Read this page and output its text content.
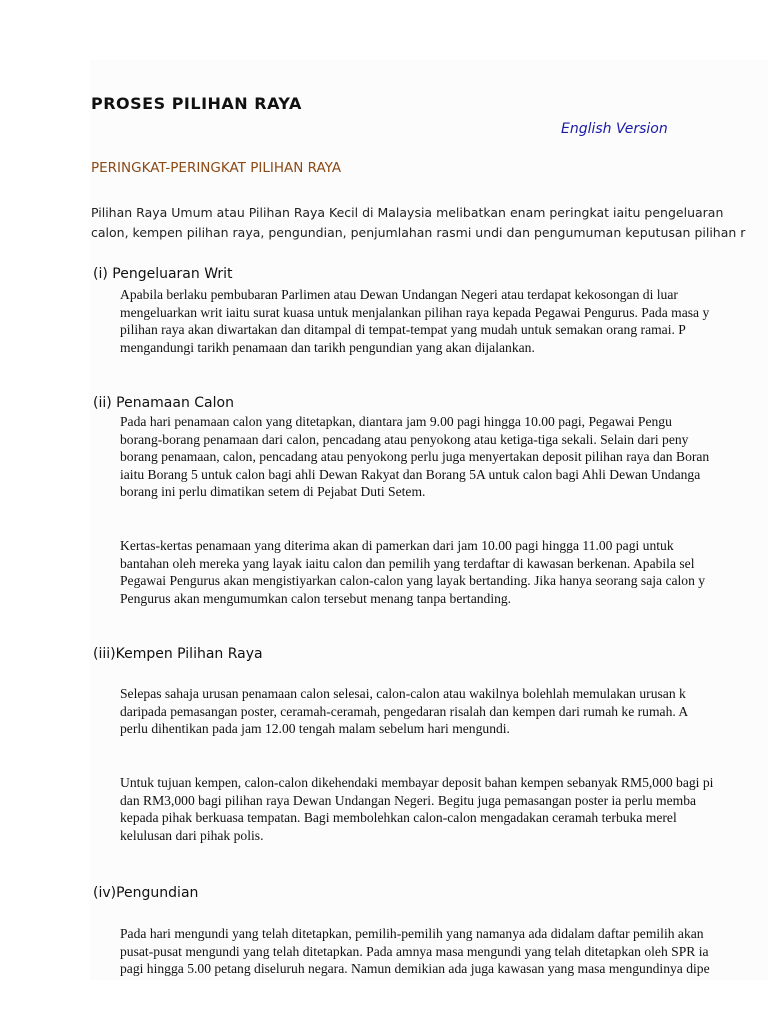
PROSES PILIHAN RAYA
English Version
PERINGKAT-PERINGKAT PILIHAN RAYA
Pilihan Raya Umum atau Pilihan Raya Kecil di Malaysia melibatkan enam peringkat iaitu pengeluaran
calon, kempen pilihan raya, pengundian, penjumlahan rasmi undi dan pengumuman keputusan pilihan r
(i) Pengeluaran Writ
Apabila berlaku pembubaran Parlimen atau Dewan Undangan Negeri atau terdapat kekosongan di luar
mengeluarkan writ iaitu surat kuasa untuk menjalankan pilihan raya kepada Pegawai Pengurus. Pada masa y
pilihan raya akan diwartakan dan ditampal di tempat-tempat yang mudah untuk semakan orang ramai. P
mengandungi tarikh penamaan dan tarikh pengundian yang akan dijalankan.
(ii) Penamaan Calon
Pada hari penamaan calon yang ditetapkan, diantara jam 9.00 pagi hingga 10.00 pagi, Pegawai Pengu
borang-borang penamaan dari calon, pencadang atau penyokong atau ketiga-tiga sekali. Selain dari peny
borang penamaan, calon, pencadang atau penyokong perlu juga menyertakan deposit pilihan raya dan Boran
iaitu Borang 5 untuk calon bagi ahli Dewan Rakyat dan Borang 5A untuk calon bagi Ahli Dewan Undanga
borang ini perlu dimatikan setem di Pejabat Duti Setem.
Kertas-kertas penamaan yang diterima akan di pamerkan dari jam 10.00 pagi hingga 11.00 pagi untuk
bantahan oleh mereka yang layak iaitu calon dan pemilih yang terdaftar di kawasan berkenan. Apabila sel
Pegawai Pengurus akan mengistiyarkan calon-calon yang layak bertanding. Jika hanya seorang saja calon y
Pengurus akan mengumumkan calon tersebut menang tanpa bertanding.
(iii)Kempen Pilihan Raya
Selepas sahaja urusan penamaan calon selesai, calon-calon atau wakilnya bolehlah memulakan urusan k
daripada pemasangan poster, ceramah-ceramah, pengedaran risalah dan kempen dari rumah ke rumah. A
perlu dihentikan pada jam 12.00 tengah malam sebelum hari mengundi.
Untuk tujuan kempen, calon-calon dikehendaki membayar deposit bahan kempen sebanyak RM5,000 bagi pi
dan RM3,000 bagi pilihan raya Dewan Undangan Negeri. Begitu juga pemasangan poster ia perlu memba
kepada pihak berkuasa tempatan. Bagi membolehkan calon-calon mengadakan ceramah terbuka merel
kelulusan dari pihak polis.
(iv)Pengundian
Pada hari mengundi yang telah ditetapkan, pemilih-pemilih yang namanya ada didalam daftar pemilih akan
pusat-pusat mengundi yang telah ditetapkan. Pada amnya masa mengundi yang telah ditetapkan oleh SPR ia
pagi hingga 5.00 petang diseluruh negara. Namun demikian ada juga kawasan yang masa mengundinya dipe
